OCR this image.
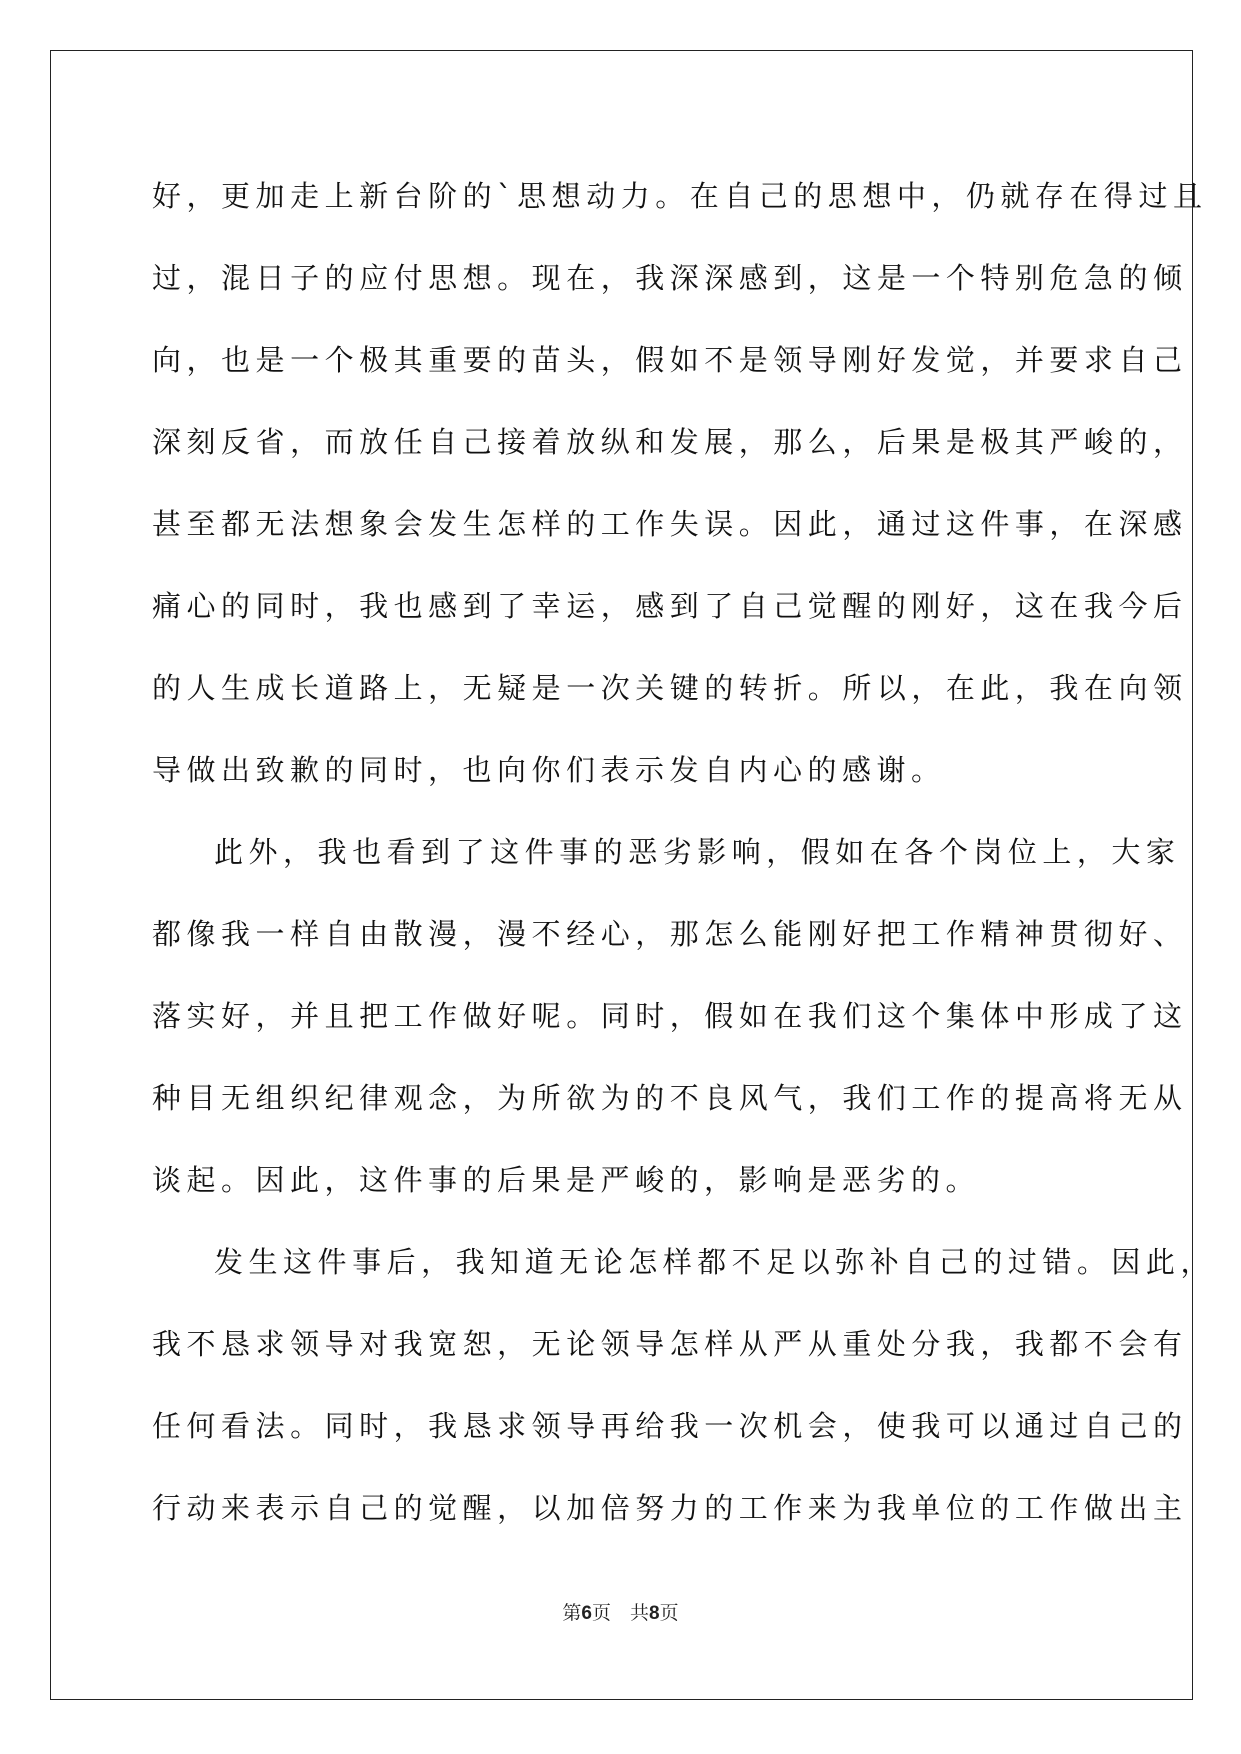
好 ， 更 加 走 上 新 台 阶 的 ` 思 想 动 力 。 在 自 己 的 思 想 中 ， 仍 就 存 在 得 过 且
过 ， 混 日 子 的 应 付 思 想 。 现 在 ， 我 深 深 感 到 ， 这 是 一 个 特 别 危 急 的 倾
向 ， 也 是 一 个 极 其 重 要 的 苗 头 ， 假 如 不 是 领 导 刚 好 发 觉 ， 并 要 求 自 己
深 刻 反 省 ， 而 放 任 自 己 接 着 放 纵 和 发 展 ， 那 么 ， 后 果 是 极 其 严 峻 的 ，
甚 至 都 无 法 想 象 会 发 生 怎 样 的 工 作 失 误 。 因 此 ， 通 过 这 件 事 ， 在 深 感
痛 心 的 同 时 ， 我 也 感 到 了 幸 运 ， 感 到 了 自 己 觉 醒 的 刚 好 ， 这 在 我 今 后
的 人 生 成 长 道 路 上 ， 无 疑 是 一 次 关 键 的 转 折 。 所 以 ， 在 此 ， 我 在 向 领
导做出致歉的同时，也向你们表示发自内心的感谢。
此 外 ， 我 也 看 到 了 这 件 事 的 恶 劣 影 响 ， 假 如 在 各 个 岗 位 上 ， 大 家
都 像 我 一 样 自 由 散 漫 ， 漫 不 经 心 ， 那 怎 么 能 刚 好 把 工 作 精 神 贯 彻 好 、
落 实 好 ， 并 且 把 工 作 做 好 呢 。 同 时 ， 假 如 在 我 们 这 个 集 体 中 形 成 了 这
种 目 无 组 织 纪 律 观 念 ， 为 所 欲 为 的 不 良 风 气 ， 我 们 工 作 的 提 高 将 无 从
谈起。因此，这件事的后果是严峻的，影响是恶劣的。
发 生 这 件 事 后 ， 我 知 道 无 论 怎 样 都 不 足 以 弥 补 自 己 的 过 错 。 因 此 ，
我 不 恳 求 领 导 对 我 宽 恕 ， 无 论 领 导 怎 样 从 严 从 重 处 分 我 ， 我 都 不 会 有
任 何 看 法 。 同 时 ， 我 恳 求 领 导 再 给 我 一 次 机 会 ， 使 我 可 以 通 过 自 己 的
行 动 来 表 示 自 己 的 觉 醒 ， 以 加 倍 努 力 的 工 作 来 为 我 单 位 的 工 作 做 出 主
第6页　共8页
